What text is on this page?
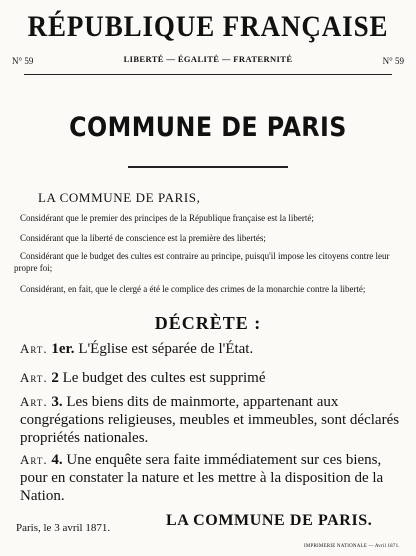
RÉPUBLIQUE FRANÇAISE
N° 59	LIBERTÉ — ÉGALITÉ — FRATERNITÉ	N° 59
COMMUNE DE PARIS
LA COMMUNE DE PARIS,
Considérant que le premier des principes de la République française est la liberté;
Considérant que la liberté de conscience est la première des libertés;
Considérant que le budget des cultes est contraire au principe, puisqu'il impose les citoyens contre leur propre foi;
Considérant, en fait, que le clergé a été le complice des crimes de la monarchie contre la liberté;
DÉCRÈTE :
Art. 1er. L'Église est séparée de l'État.
Art. 2 Le budget des cultes est supprimé
Art. 3. Les biens dits de mainmorte, appartenant aux congrégations religieuses, meubles et immeubles, sont déclarés propriétés nationales.
Art. 4. Une enquête sera faite immédiatement sur ces biens, pour en constater la nature et les mettre à la disposition de la Nation.
Paris, le 3 avril 1871.	LA COMMUNE DE PARIS.
IMPRIMERIE NATIONALE — Avril 1871.
